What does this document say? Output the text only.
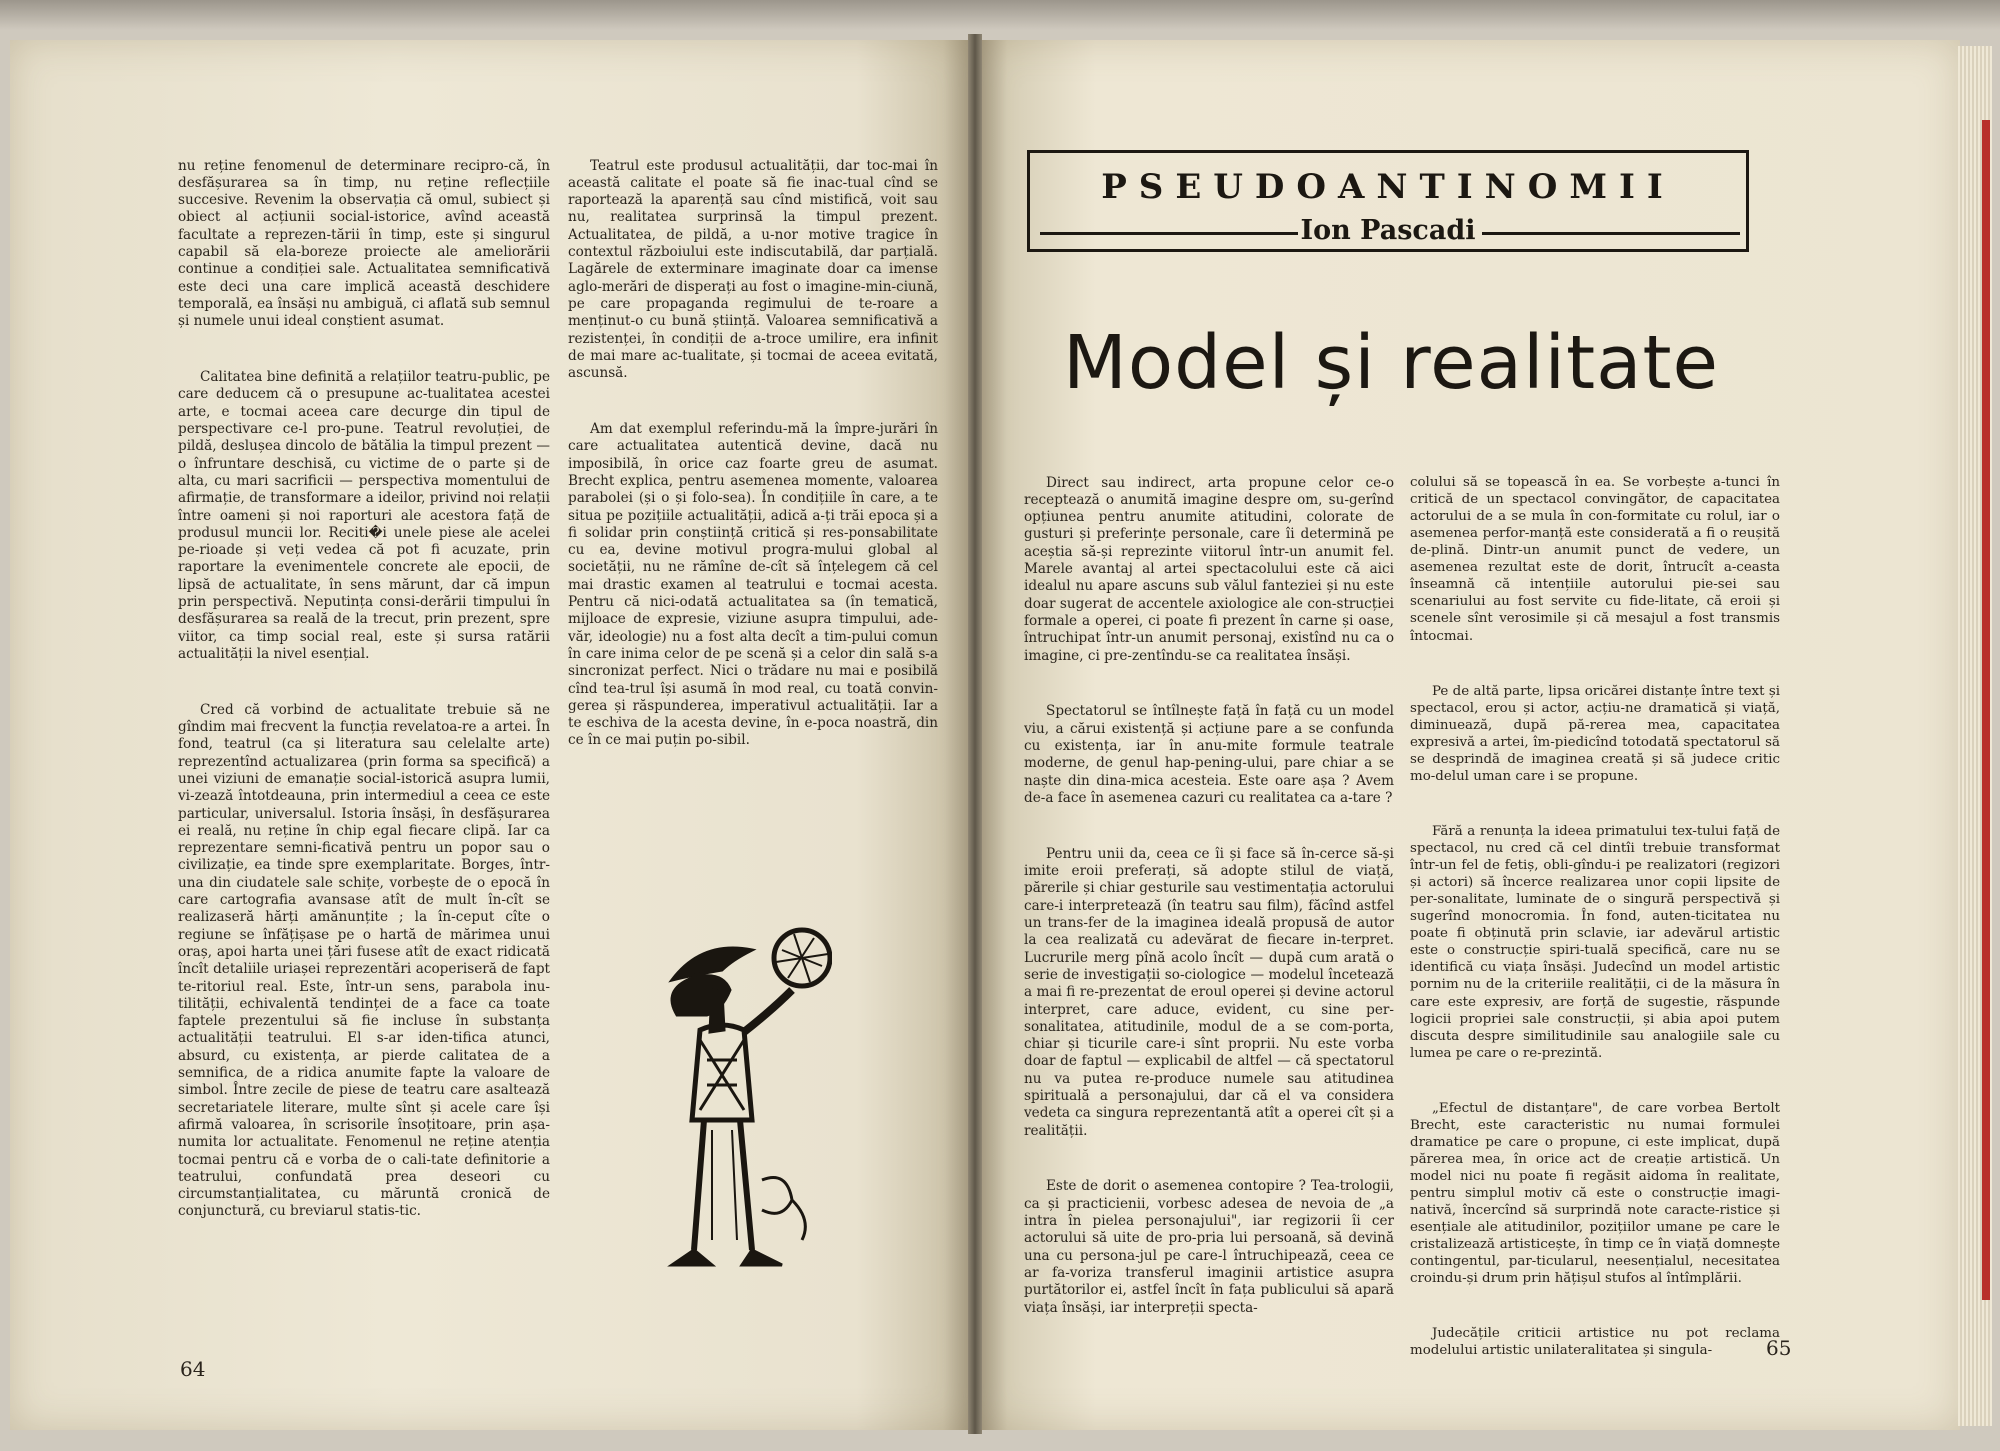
nu reține fenomenul de determinare recipro-că, în desfășurarea sa în timp, nu reține reflecțiile succesive. Revenim la observația că omul, subiect și obiect al acțiunii social-istorice, avînd această facultate a reprezen-tării în timp, este și singurul capabil să ela-boreze proiecte ale ameliorării continue a condiției sale. Actualitatea semnificativă este deci una care implică această deschidere temporală, ea însăși nu ambiguă, ci aflată sub semnul și numele unui ideal conștient asumat.

Calitatea bine definită a relațiilor teatru-public, pe care deducem că o presupune ac-tualitatea acestei arte, e tocmai aceea care decurge din tipul de perspectivare ce-l pro-pune. Teatrul revoluției, de pildă, deslușea dincolo de bătălia la timpul prezent — o înfruntare deschisă, cu victime de o parte și de alta, cu mari sacrificii — perspectiva momentului de afirmație, de transformare a ideilor, privind noi relații între oameni și noi raporturi ale acestora față de produsul muncii lor. Reciti�i unele piese ale acelei pe-rioade și veți vedea că pot fi acuzate, prin raportare la evenimentele concrete ale epocii, de lipsă de actualitate, în sens mărunt, dar că impun prin perspectivă. Neputința consi-derării timpului în desfășurarea sa reală de la trecut, prin prezent, spre viitor, ca timp social real, este și sursa ratării actualității la nivel esențial.

Cred că vorbind de actualitate trebuie să ne gîndim mai frecvent la funcția revelatoa-re a artei. În fond, teatrul (ca și literatura sau celelalte arte) reprezentînd actualizarea (prin forma sa specifică) a unei viziuni de emanație social-istorică asupra lumii, vi-zează întotdeauna, prin intermediul a ceea ce este particular, universalul. Istoria însăși, în desfășurarea ei reală, nu reține în chip egal fiecare clipă. Iar ca reprezentare semni-ficativă pentru un popor sau o civilizație, ea tinde spre exemplaritate. Borges, într-una din ciudatele sale schițe, vorbește de o epocă în care cartografia avansase atît de mult în-cît se realizaseră hărți amănunțite ; la în-ceput cîte o regiune se înfățișase pe o hartă de mărimea unui oraș, apoi harta unei țări fusese atît de exact ridicată încît detaliile uriașei reprezentări acoperiseră de fapt te-ritoriul real. Este, într-un sens, parabola inu-tilității, echivalentă tendinței de a face ca toate faptele prezentului să fie incluse în substanța actualității teatrului. El s-ar iden-tifica atunci, absurd, cu existența, ar pierde calitatea de a semnifica, de a ridica anumite fapte la valoare de simbol. Între zecile de piese de teatru care asaltează secretariatele literare, multe sînt și acele care își afirmă valoarea, în scrisorile însoțitoare, prin așa-numita lor actualitate. Fenomenul ne reține atenția tocmai pentru că e vorba de o cali-tate definitorie a teatrului, confundată prea deseori cu circumstanțialitatea, cu măruntă cronică de conjunctură, cu breviarul statis-tic.

Teatrul este produsul actualității, dar toc-mai în această calitate el poate să fie inac-tual cînd se raportează la aparență sau cînd mistifică, voit sau nu, realitatea surprinsă la timpul prezent. Actualitatea, de pildă, a u-nor motive tragice în contextul războiului este indiscutabilă, dar parțială. Lagărele de exterminare imaginate doar ca imense aglo-merări de disperați au fost o imagine-min-ciună, pe care propaganda regimului de te-roare a menținut-o cu bună știință. Valoarea semnificativă a rezistenței, în condiții de a-troce umilire, era infinit de mai mare ac-tualitate, și tocmai de aceea evitată, ascunsă.

Am dat exemplul referindu-mă la împre-jurări în care actualitatea autentică devine, dacă nu imposibilă, în orice caz foarte greu de asumat. Brecht explica, pentru asemenea momente, valoarea parabolei (și o și folo-sea). În condițiile în care, a te situa pe pozițiile actualității, adică a-ți trăi epoca și a fi solidar prin conștiință critică și res-ponsabilitate cu ea, devine motivul progra-mului global al societății, nu ne rămîne de-cît să înțelegem că cel mai drastic examen al teatrului e tocmai acesta. Pentru că nici-odată actualitatea sa (în tematică, mijloace de expresie, viziune asupra timpului, ade-văr, ideologie) nu a fost alta decît a tim-pului comun în care inima celor de pe scenă și a celor din sală s-a sincronizat perfect. Nici o trădare nu mai e posibilă cînd tea-trul își asumă în mod real, cu toată convin-gerea și răspunderea, imperativul actualității. Iar a te eschiva de la acesta devine, în e-poca noastră, din ce în ce mai puțin po-sibil.

64
PSEUDOANTINOMII
Ion Pascadi
Model și realitate

Direct sau indirect, arta propune celor ce-o receptează o anumită imagine despre om, su-gerînd opțiunea pentru anumite atitudini, colorate de gusturi și preferințe personale, care îi determină pe aceștia să-și reprezinte viitorul într-un anumit fel. Marele avantaj al artei spectacolului este că aici idealul nu apare ascuns sub vălul fanteziei și nu este doar sugerat de accentele axiologice ale con-strucției formale a operei, ci poate fi prezent în carne și oase, întruchipat într-un anumit personaj, existînd nu ca o imagine, ci pre-zentîndu-se ca realitatea însăși.

Spectatorul se întîlnește față în față cu un model viu, a cărui existență și acțiune pare a se confunda cu existența, iar în anu-mite formule teatrale moderne, de genul hap-pening-ului, pare chiar a se naște din dina-mica acesteia. Este oare așa ? Avem de-a face în asemenea cazuri cu realitatea ca a-tare ?

Pentru unii da, ceea ce îi și face să în-cerce să-și imite eroii preferați, să adopte stilul de viață, părerile și chiar gesturile sau vestimentația actorului care-i interpretează (în teatru sau film), făcînd astfel un trans-fer de la imaginea ideală propusă de autor la cea realizată cu adevărat de fiecare in-terpret. Lucrurile merg pînă acolo încît — după cum arată o serie de investigații so-ciologice — modelul încetează a mai fi re-prezentat de eroul operei și devine actorul interpret, care aduce, evident, cu sine per-sonalitatea, atitudinile, modul de a se com-porta, chiar și ticurile care-i sînt proprii. Nu este vorba doar de faptul — explicabil de altfel — că spectatorul nu va putea re-produce numele sau atitudinea spirituală a personajului, dar că el va considera vedeta ca singura reprezentantă atît a operei cît și a realității.

Este de dorit o asemenea contopire ? Tea-trologii, ca și practicienii, vorbesc adesea de nevoia de „a intra în pielea personajului", iar regizorii îi cer actorului să uite de pro-pria lui persoană, să devină una cu persona-jul pe care-l întruchipează, ceea ce ar fa-voriza transferul imaginii artistice asupra purtătorilor ei, astfel încît în fața publicului să apară viața însăși, iar interpreții specta-

colului să se topească în ea. Se vorbește a-tunci în critică de un spectacol convingător, de capacitatea actorului de a se mula în con-formitate cu rolul, iar o asemenea perfor-manță este considerată a fi o reușită de-plină. Dintr-un anumit punct de vedere, un asemenea rezultat este de dorit, întrucît a-ceasta înseamnă că intențiile autorului pie-sei sau scenariului au fost servite cu fide-litate, că eroii și scenele sînt verosimile și că mesajul a fost transmis întocmai.

Pe de altă parte, lipsa oricărei distanțe între text și spectacol, erou și actor, acțiu-ne dramatică și viață, diminuează, după pă-rerea mea, capacitatea expresivă a artei, îm-piedicînd totodată spectatorul să se desprindă de imaginea creată și să judece critic mo-delul uman care i se propune.

Fără a renunța la ideea primatului tex-tului față de spectacol, nu cred că cel dintîi trebuie transformat într-un fel de fetiș, obli-gîndu-i pe realizatori (regizori și actori) să încerce realizarea unor copii lipsite de per-sonalitate, luminate de o singură perspectivă și sugerînd monocromia. În fond, auten-ticitatea nu poate fi obținută prin sclavie, iar adevărul artistic este o construcție spiri-tuală specifică, care nu se identifică cu viața însăși. Judecînd un model artistic pornim nu de la criteriile realității, ci de la măsura în care este expresiv, are forță de sugestie, răspunde logicii propriei sale construcții, și abia apoi putem discuta despre similitudinile sau analogiile sale cu lumea pe care o re-prezintă.

„Efectul de distanțare", de care vorbea Bertolt Brecht, este caracteristic nu numai formulei dramatice pe care o propune, ci este implicat, după părerea mea, în orice act de creație artistică. Un model nici nu poate fi regăsit aidoma în realitate, pentru simplul motiv că este o construcție imagi-nativă, încercînd să surprindă note caracte-ristice și esențiale ale atitudinilor, pozițiilor umane pe care le cristalizează artisticește, în timp ce în viață domnește contingentul, par-ticularul, neesențialul, necesitatea croindu-și drum prin hățișul stufos al întîmplării.

Judecățile criticii artistice nu pot reclama modelului artistic unilateralitatea și singula-

	65
